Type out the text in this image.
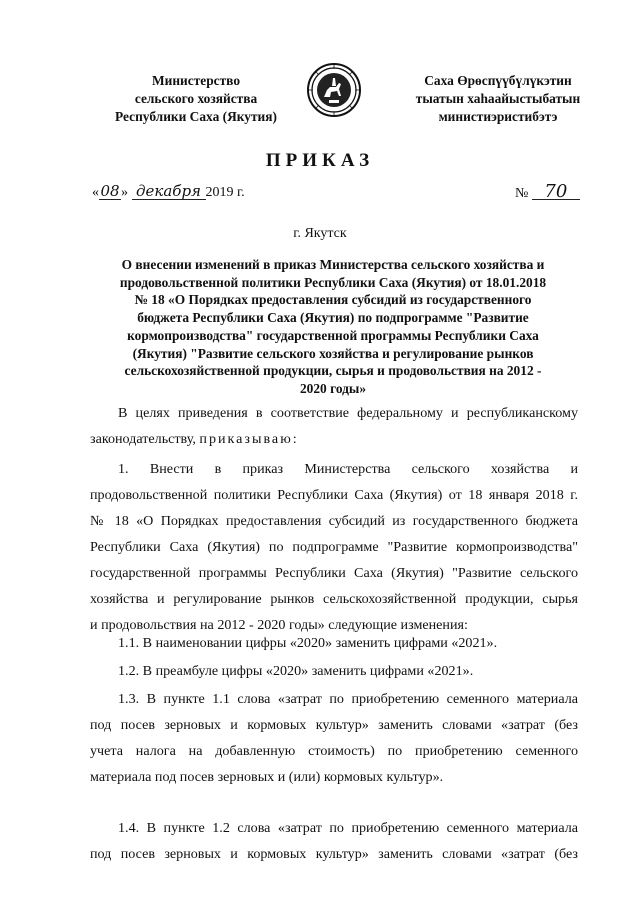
Министерство
сельского хозяйства
Республики Саха (Якутия)
Саха Өрөспүүбүлүкэтин
тыатын хаhаайыстыбатын
министиэристибэтэ
ПРИКАЗ
«08» декабря 2019 г.	№ 70
г. Якутск
О внесении изменений в приказ Министерства сельского хозяйства и
продовольственной политики Республики Саха (Якутия) от 18.01.2018
№ 18 «О Порядках предоставления субсидий из государственного
бюджета Республики Саха (Якутия) по подпрограмме "Развитие
кормопроизводства" государственной программы Республики Саха
(Якутия) "Развитие сельского хозяйства и регулирование рынков
сельскохозяйственной продукции, сырья и продовольствия на 2012 -
2020 годы»
В целях приведения в соответствие федеральному и республиканскому
законодательству, приказываю:
1. Внести в приказ Министерства сельского хозяйства и
продовольственной политики Республики Саха (Якутия) от 18 января 2018 г.
№ 18 «О Порядках предоставления субсидий из государственного бюджета
Республики Саха (Якутия) по подпрограмме "Развитие кормопроизводства"
государственной программы Республики Саха (Якутия) "Развитие сельского
хозяйства и регулирование рынков сельскохозяйственной продукции, сырья
и продовольствия на 2012 - 2020 годы» следующие изменения:
1.1. В наименовании цифры «2020» заменить цифрами «2021».
1.2. В преамбуле цифры «2020» заменить цифрами «2021».
1.3. В пункте 1.1 слова «затрат по приобретению семенного материала
под посев зерновых и кормовых культур» заменить словами «затрат (без
учета налога на добавленную стоимость) по приобретению семенного
материала под посев зерновых и (или) кормовых культур».
1.4. В пункте 1.2 слова «затрат по приобретению семенного материала
под посев зерновых и кормовых культур» заменить словами «затрат (без
